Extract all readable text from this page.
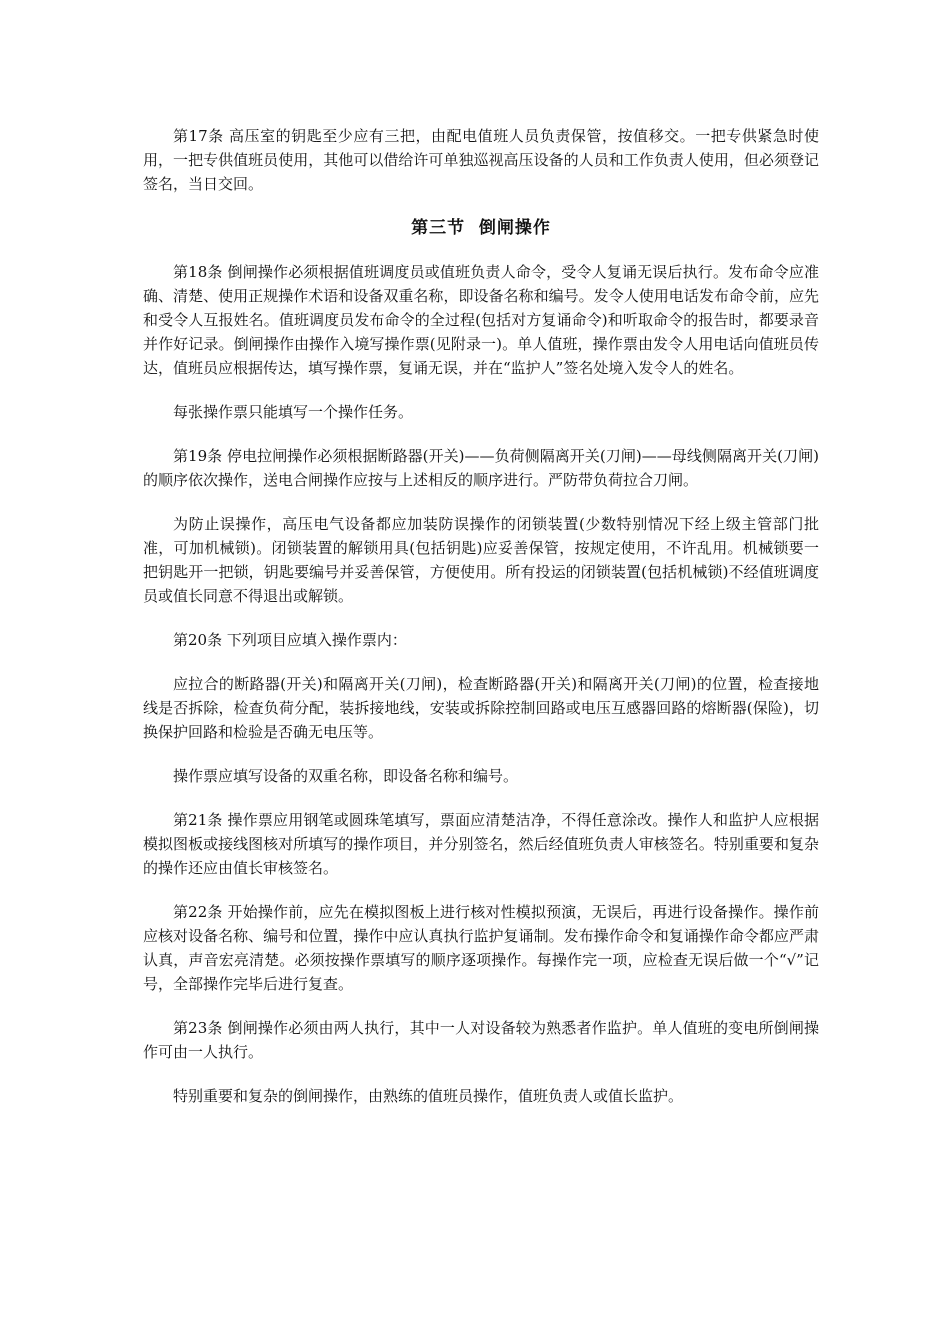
第17条 高压室的钥匙至少应有三把，由配电值班人员负责保管，按值移交。一把专供紧急时使用，一把专供值班员使用，其他可以借给许可单独巡视高压设备的人员和工作负责人使用，但必须登记签名，当日交回。

第三节  倒闸操作

第18条 倒闸操作必须根据值班调度员或值班负责人命令，受令人复诵无误后执行。发布命令应准确、清楚、使用正规操作术语和设备双重名称，即设备名称和编号。发令人使用电话发布命令前，应先和受令人互报姓名。值班调度员发布命令的全过程(包括对方复诵命令)和听取命令的报告时，都要录音并作好记录。倒闸操作由操作入境写操作票(见附录一)。单人值班，操作票由发令人用电话向值班员传达，值班员应根据传达，填写操作票，复诵无误，并在“监护人”签名处境入发令人的姓名。

每张操作票只能填写一个操作任务。

第19条 停电拉闸操作必须根据断路器(开关)——负荷侧隔离开关(刀闸)——母线侧隔离开关(刀闸)的顺序依次操作，送电合闸操作应按与上述相反的顺序进行。严防带负荷拉合刀闸。

为防止误操作，高压电气设备都应加装防误操作的闭锁装置(少数特别情况下经上级主管部门批准，可加机械锁)。闭锁装置的解锁用具(包括钥匙)应妥善保管，按规定使用，不许乱用。机械锁要一把钥匙开一把锁，钥匙要编号并妥善保管，方便使用。所有投运的闭锁装置(包括机械锁)不经值班调度员或值长同意不得退出或解锁。

第20条 下列项目应填入操作票内：

应拉合的断路器(开关)和隔离开关(刀闸)，检查断路器(开关)和隔离开关(刀闸)的位置，检查接地线是否拆除，检查负荷分配，装拆接地线，安装或拆除控制回路或电压互感器回路的熔断器(保险)，切换保护回路和检验是否确无电压等。

操作票应填写设备的双重名称，即设备名称和编号。

第21条 操作票应用钢笔或圆珠笔填写，票面应清楚洁净，不得任意涂改。操作人和监护人应根据模拟图板或接线图核对所填写的操作项目，并分别签名，然后经值班负责人审核签名。特别重要和复杂的操作还应由值长审核签名。

第22条 开始操作前，应先在模拟图板上进行核对性模拟预演，无误后，再进行设备操作。操作前应核对设备名称、编号和位置，操作中应认真执行监护复诵制。发布操作命令和复诵操作命令都应严肃认真，声音宏亮清楚。必须按操作票填写的顺序逐项操作。每操作完一项，应检查无误后做一个“√”记号，全部操作完毕后进行复查。

第23条 倒闸操作必须由两人执行，其中一人对设备较为熟悉者作监护。单人值班的变电所倒闸操作可由一人执行。

特别重要和复杂的倒闸操作，由熟练的值班员操作，值班负责人或值长监护。
